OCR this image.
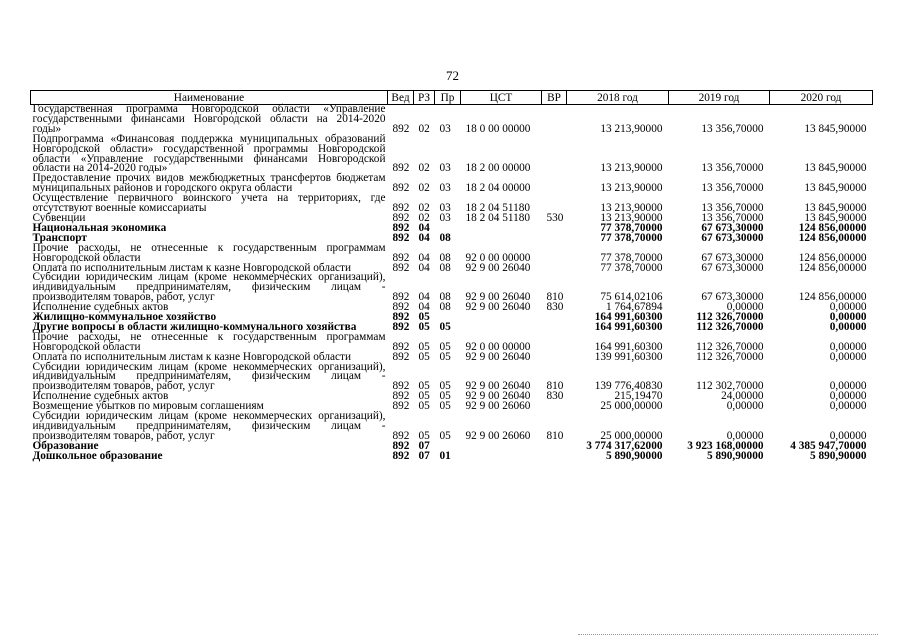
72
Наименование	Вед	РЗ	Пр	ЦСТ	ВР	2018 год	2019 год	2020 год
Государственная программа Новгородской области «Управление государственными финансами Новгородской области на 2014-2020 годы»	892	02	03	18 0 00 00000		13 213,90000	13 356,70000	13 845,90000
Подпрограмма «Финансовая поддержка муниципальных образований Новгородской области» государственной программы Новгородской области «Управление государственными финансами Новгородской области на 2014-2020 годы»	892	02	03	18 2 00 00000		13 213,90000	13 356,70000	13 845,90000
Предоставление прочих видов межбюджетных трансфертов бюджетам муниципальных районов и городского округа области	892	02	03	18 2 04 00000		13 213,90000	13 356,70000	13 845,90000
Осуществление первичного воинского учета на территориях, где отсутствуют военные комиссариаты	892	02	03	18 2 04 51180		13 213,90000	13 356,70000	13 845,90000
Субвенции	892	02	03	18 2 04 51180	530	13 213,90000	13 356,70000	13 845,90000
Национальная экономика	892	04				77 378,70000	67 673,30000	124 856,00000
Транспорт	892	04	08			77 378,70000	67 673,30000	124 856,00000
Прочие расходы, не отнесенные к государственным программам Новгородской области	892	04	08	92 0 00 00000		77 378,70000	67 673,30000	124 856,00000
Оплата по исполнительным листам к казне Новгородской области	892	04	08	92 9 00 26040		77 378,70000	67 673,30000	124 856,00000
Субсидии юридическим лицам (кроме некоммерческих организаций), индивидуальным предпринимателям, физическим лицам - производителям товаров, работ, услуг	892	04	08	92 9 00 26040	810	75 614,02106	67 673,30000	124 856,00000
Исполнение судебных актов	892	04	08	92 9 00 26040	830	1 764,67894	0,00000	0,00000
Жилищно-коммунальное хозяйство	892	05				164 991,60300	112 326,70000	0,00000
Другие вопросы в области жилищно-коммунального хозяйства	892	05	05			164 991,60300	112 326,70000	0,00000
Прочие расходы, не отнесенные к государственным программам Новгородской области	892	05	05	92 0 00 00000		164 991,60300	112 326,70000	0,00000
Оплата по исполнительным листам к казне Новгородской области	892	05	05	92 9 00 26040		139 991,60300	112 326,70000	0,00000
Субсидии юридическим лицам (кроме некоммерческих организаций), индивидуальным предпринимателям, физическим лицам - производителям товаров, работ, услуг	892	05	05	92 9 00 26040	810	139 776,40830	112 302,70000	0,00000
Исполнение судебных актов	892	05	05	92 9 00 26040	830	215,19470	24,00000	0,00000
Возмещение убытков по мировым соглашениям	892	05	05	92 9 00 26060		25 000,00000	0,00000	0,00000
Субсидии юридическим лицам (кроме некоммерческих организаций), индивидуальным предпринимателям, физическим лицам - производителям товаров, работ, услуг	892	05	05	92 9 00 26060	810	25 000,00000	0,00000	0,00000
Образование	892	07				3 774 317,62000	3 923 168,00000	4 385 947,70000
Дошкольное образование	892	07	01			5 890,90000	5 890,90000	5 890,90000
